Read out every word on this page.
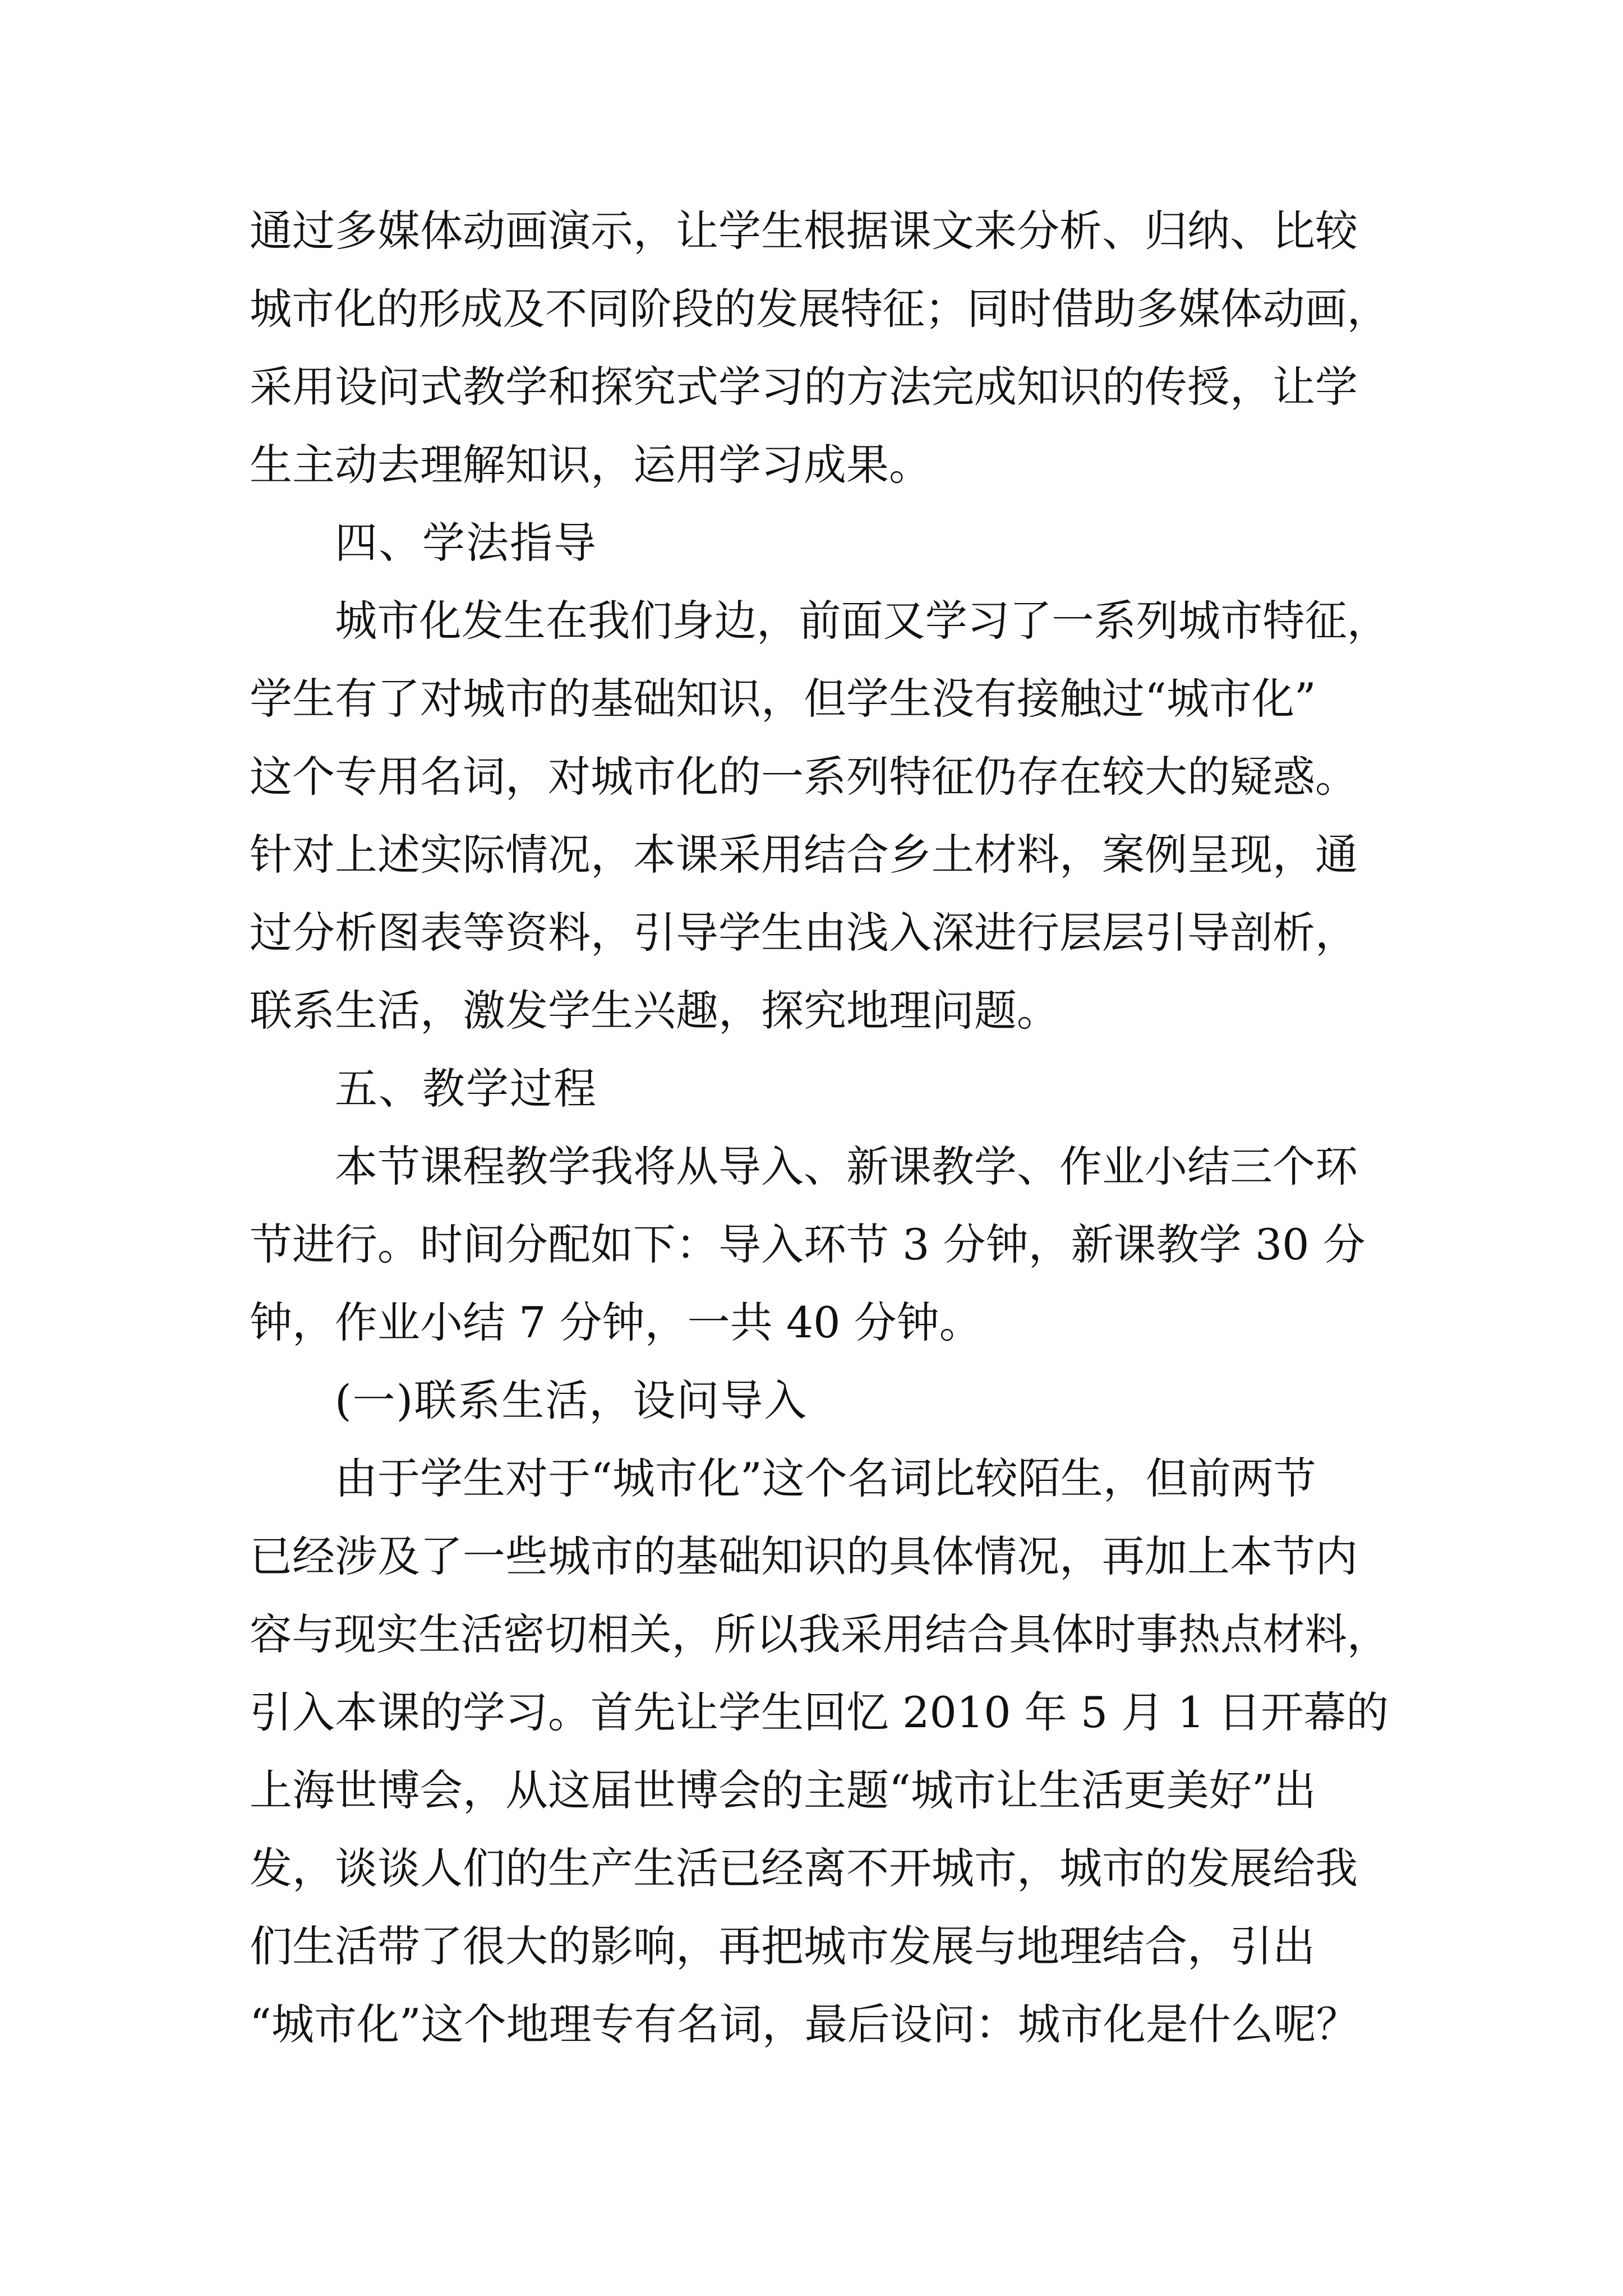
通过多媒体动画演示，让学生根据课文来分析、归纳、比较
城市化的形成及不同阶段的发展特征；同时借助多媒体动画，
采用设问式教学和探究式学习的方法完成知识的传授，让学
生主动去理解知识，运用学习成果。
四、学法指导
城市化发生在我们身边，前面又学习了一系列城市特征，
学生有了对城市的基础知识，但学生没有接触过“城市化”
这个专用名词，对城市化的一系列特征仍存在较大的疑惑。
针对上述实际情况，本课采用结合乡土材料，案例呈现，通
过分析图表等资料，引导学生由浅入深进行层层引导剖析，
联系生活，激发学生兴趣，探究地理问题。
五、教学过程
本节课程教学我将从导入、新课教学、作业小结三个环
节进行。时间分配如下：导入环节 3 分钟，新课教学 30 分
钟，作业小结 7 分钟，一共 40 分钟。
(一)联系生活，设问导入
由于学生对于“城市化”这个名词比较陌生，但前两节
已经涉及了一些城市的基础知识的具体情况，再加上本节内
容与现实生活密切相关，所以我采用结合具体时事热点材料，
引入本课的学习。首先让学生回忆 2010 年 5 月 1 日开幕的
上海世博会，从这届世博会的主题“城市让生活更美好”出
发，谈谈人们的生产生活已经离不开城市，城市的发展给我
们生活带了很大的影响，再把城市发展与地理结合，引出
“城市化”这个地理专有名词，最后设问：城市化是什么呢？
